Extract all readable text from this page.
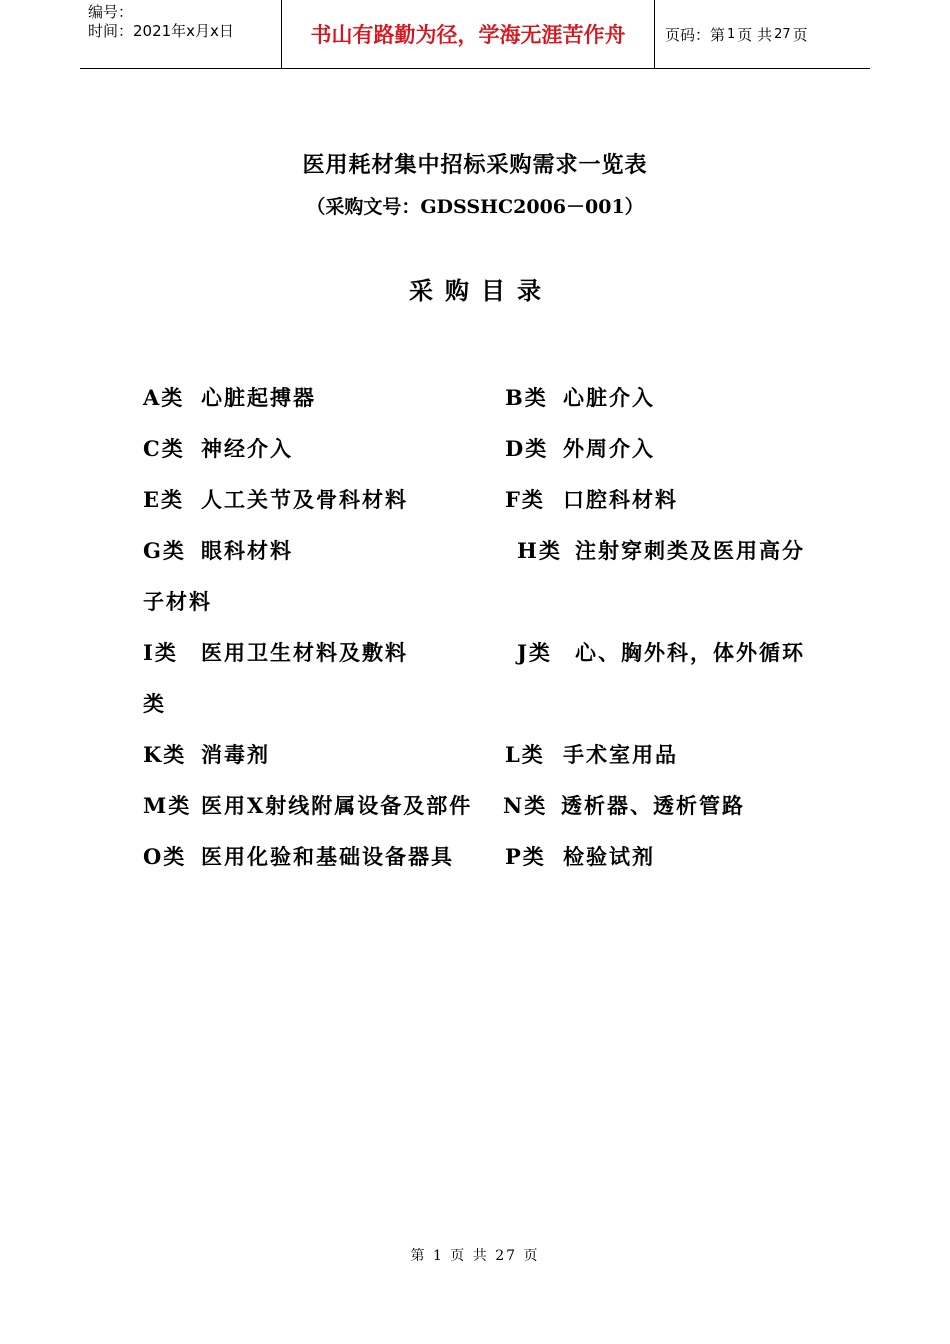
编号：
时间：2021年x月x日	书山有路勤为径，学海无涯苦作舟	页码：第 1 页 共 27 页
医用耗材集中招标采购需求一览表
（采购文号：GDSSHC2006－001）
采购目录
A类 心脏起搏器	B类 心脏介入
C类 神经介入	D类 外周介入
E类 人工关节及骨科材料	F类 口腔科材料
G类 眼科材料	H类 注射穿刺类及医用高分
子材料
I类 医用卫生材料及敷料	J类 心、胸外科，体外循环
类
K类 消毒剂	L类 手术室用品
M类 医用X射线附属设备及部件 N类 透析器、透析管路
O类 医用化验和基础设备器具 P类 检验试剂
第 1 页 共 27 页
